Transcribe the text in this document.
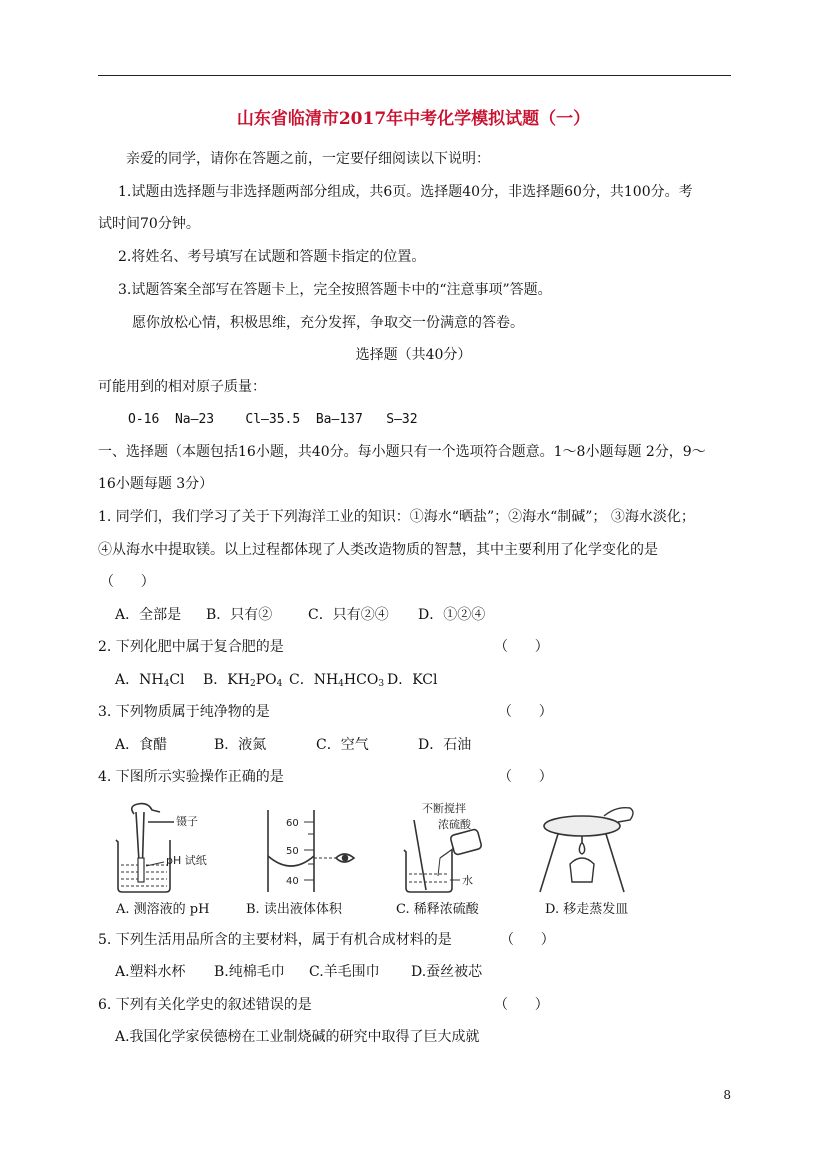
山东省临清市2017年中考化学模拟试题（一）
亲爱的同学，请你在答题之前，一定要仔细阅读以下说明：
1.试题由选择题与非选择题两部分组成，共6页。选择题40分，非选择题60分，共100分。考
试时间70分钟。
2.将姓名、考号填写在试题和答题卡指定的位置。
3.试题答案全部写在答题卡上，完全按照答题卡中的“注意事项”答题。
愿你放松心情，积极思维，充分发挥，争取交一份满意的答卷。
选择题（共40分）
可能用到的相对原子质量：
O-16  Na—23    Cl—35.5  Ba—137   S—32
一、选择题（本题包括16小题，共40分。每小题只有一个选项符合题意。1～8小题每题 2分，9～
16小题每题 3分）
1. 同学们，我们学习了关于下列海洋工业的知识：①海水“晒盐”；②海水“制碱”； ③海水淡化；
④从海水中提取镁。以上过程都体现了人类改造物质的智慧，其中主要利用了化学变化的是
（      ）
A．全部是 B．只有②	C．只有②④ D．①②④
2. 下列化肥中属于复合肥的是	（      ）
A．$NH_4Cl$ B．$KH_2PO_4$ C．$NH_4HCO_3$ D．KCl
3. 下列物质属于纯净物的是	（      ）
A．食醋	B．液氮	C．空气	D．石油
4. 下图所示实验操作正确的是	（      ）
镊子
pH 试纸
A. 测溶液的 pH
60
50
40
B. 读出液体体积
不断搅拌
浓硫酸
水
C. 稀释浓硫酸	D. 移走蒸发皿
5. 下列生活用品所含的主要材料，属于有机合成材料的是	（      ）
A.塑料水杯 B.纯棉毛巾 C.羊毛围巾 D.蚕丝被芯
6. 下列有关化学史的叙述错误的是	（      ）
A.我国化学家侯德榜在工业制烧碱的研究中取得了巨大成就
8
